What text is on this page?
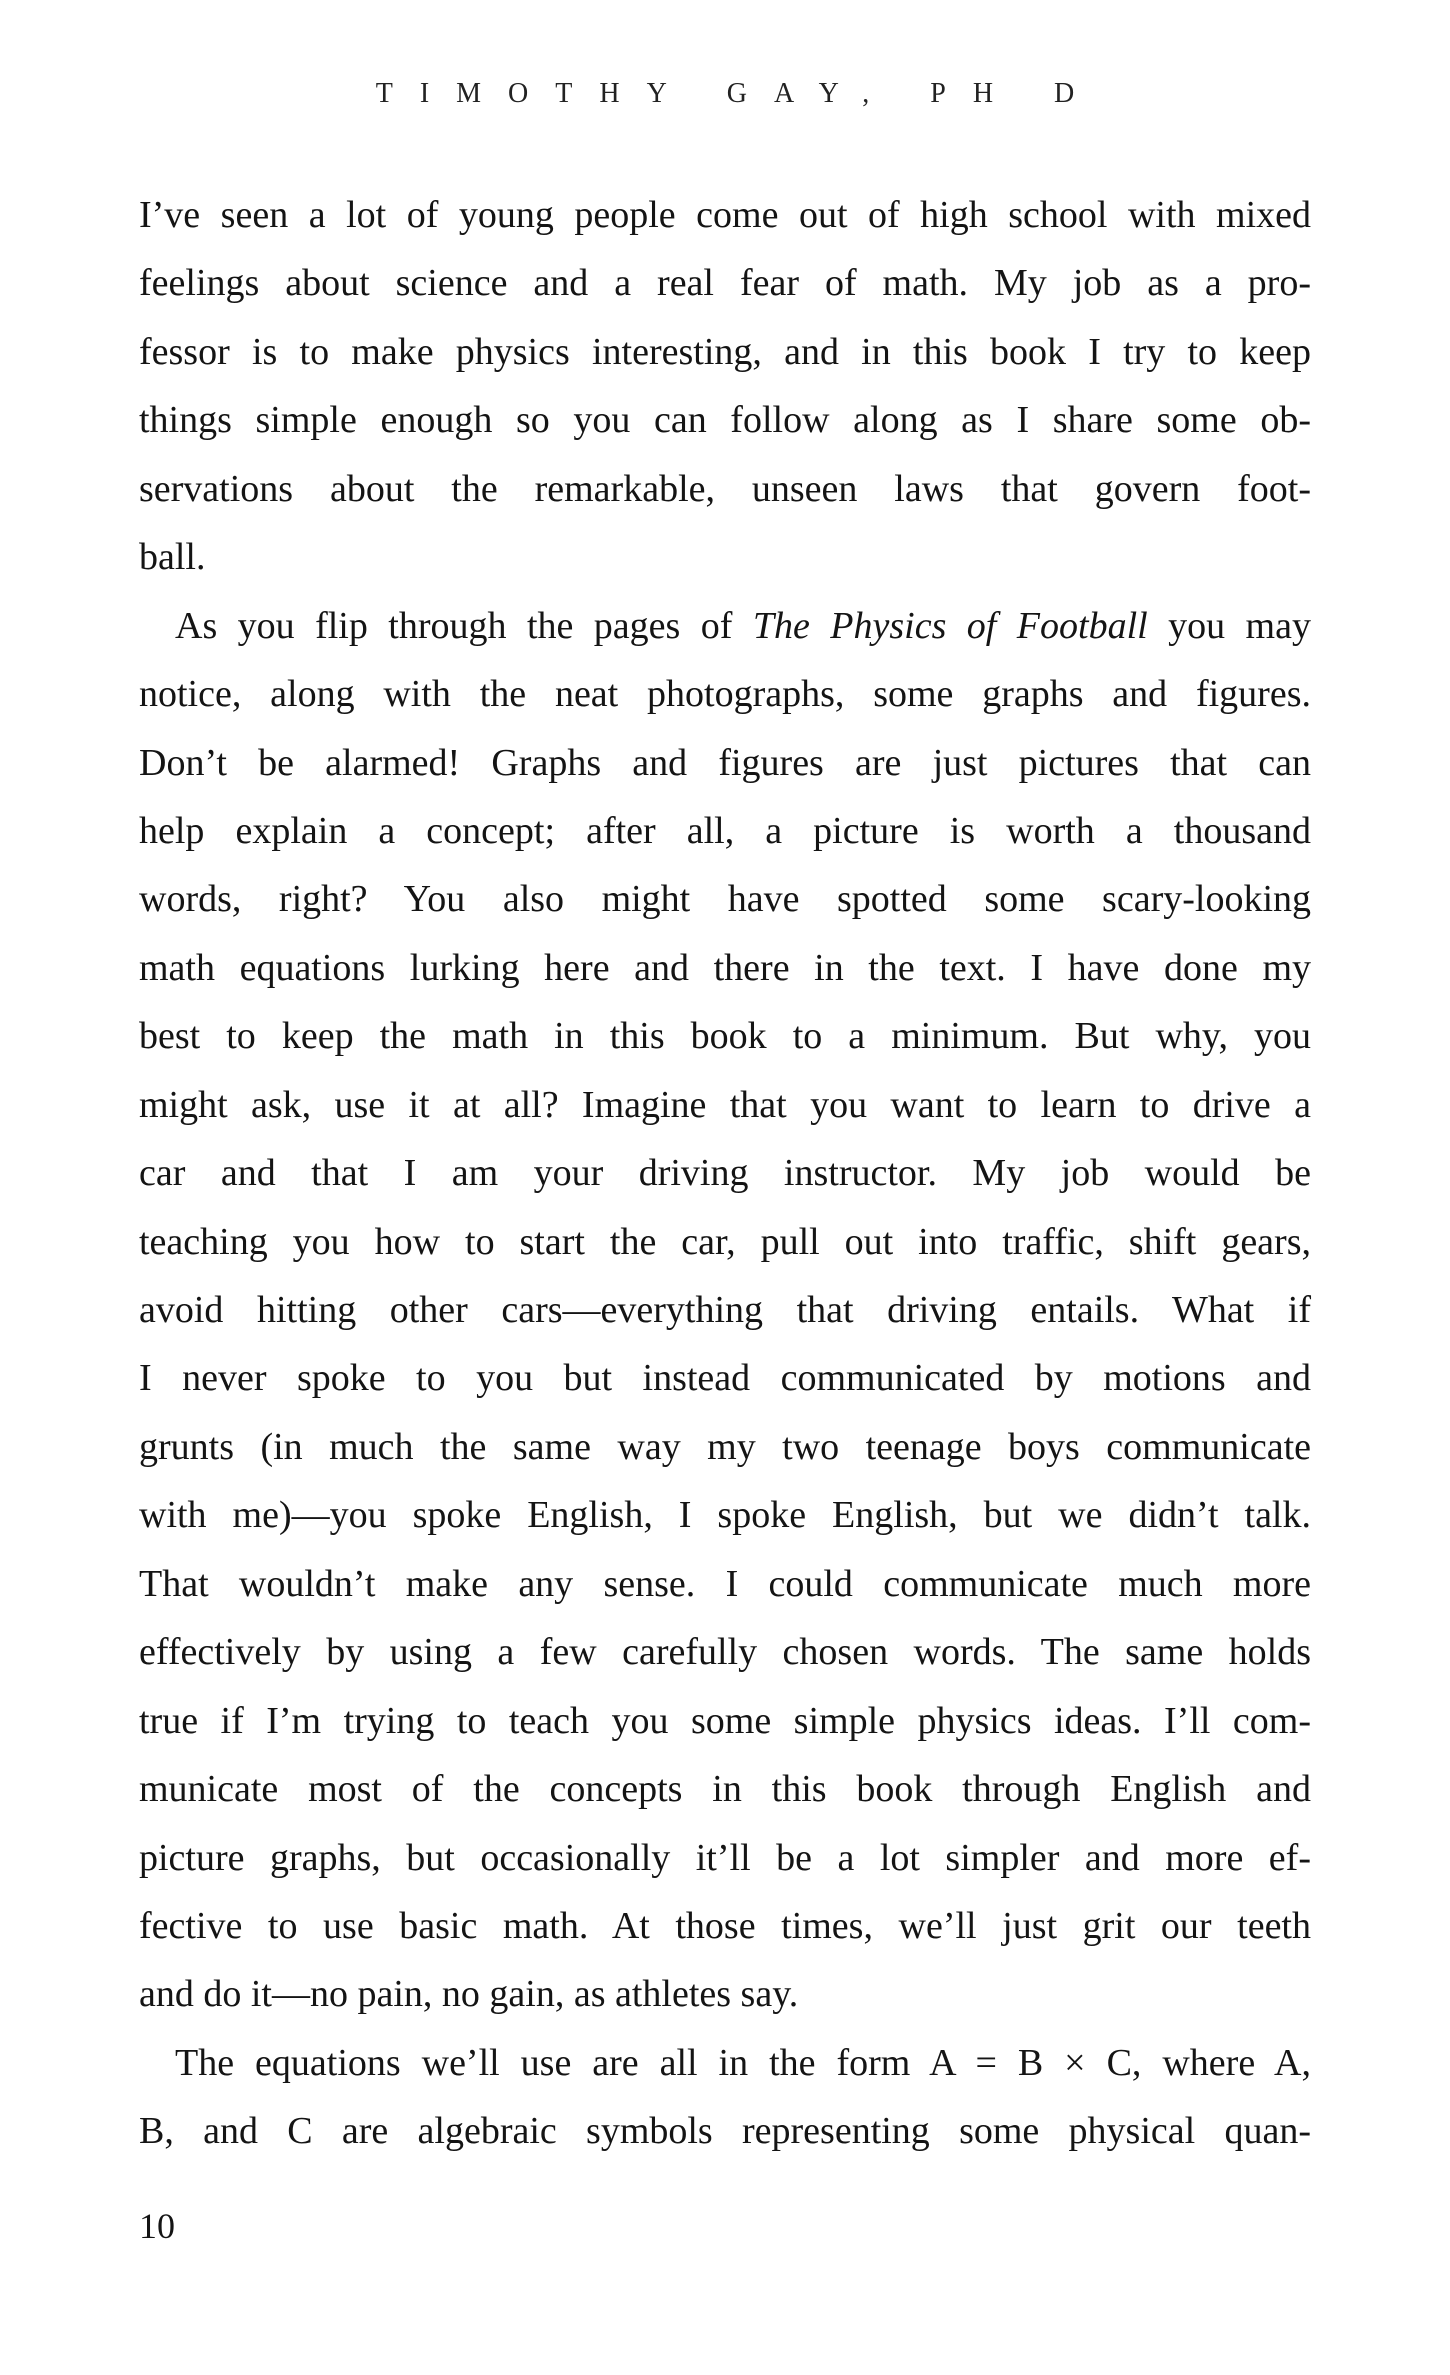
TIMOTHY GAY, PH D
I’ve seen a lot of young people come out of high school with mixed
feelings about science and a real fear of math. My job as a pro-
fessor is to make physics interesting, and in this book I try to keep
things simple enough so you can follow along as I share some ob-
servations about the remarkable, unseen laws that govern foot-
ball.
As you flip through the pages of The Physics of Football you may
notice, along with the neat photographs, some graphs and figures.
Don’t be alarmed! Graphs and figures are just pictures that can
help explain a concept; after all, a picture is worth a thousand
words, right? You also might have spotted some scary-looking
math equations lurking here and there in the text. I have done my
best to keep the math in this book to a minimum. But why, you
might ask, use it at all? Imagine that you want to learn to drive a
car and that I am your driving instructor. My job would be
teaching you how to start the car, pull out into traffic, shift gears,
avoid hitting other cars—everything that driving entails. What if
I never spoke to you but instead communicated by motions and
grunts (in much the same way my two teenage boys communicate
with me)—you spoke English, I spoke English, but we didn’t talk.
That wouldn’t make any sense. I could communicate much more
effectively by using a few carefully chosen words. The same holds
true if I’m trying to teach you some simple physics ideas. I’ll com-
municate most of the concepts in this book through English and
picture graphs, but occasionally it’ll be a lot simpler and more ef-
fective to use basic math. At those times, we’ll just grit our teeth
and do it—no pain, no gain, as athletes say.
The equations we’ll use are all in the form A = B × C, where A,
B, and C are algebraic symbols representing some physical quan-
10
